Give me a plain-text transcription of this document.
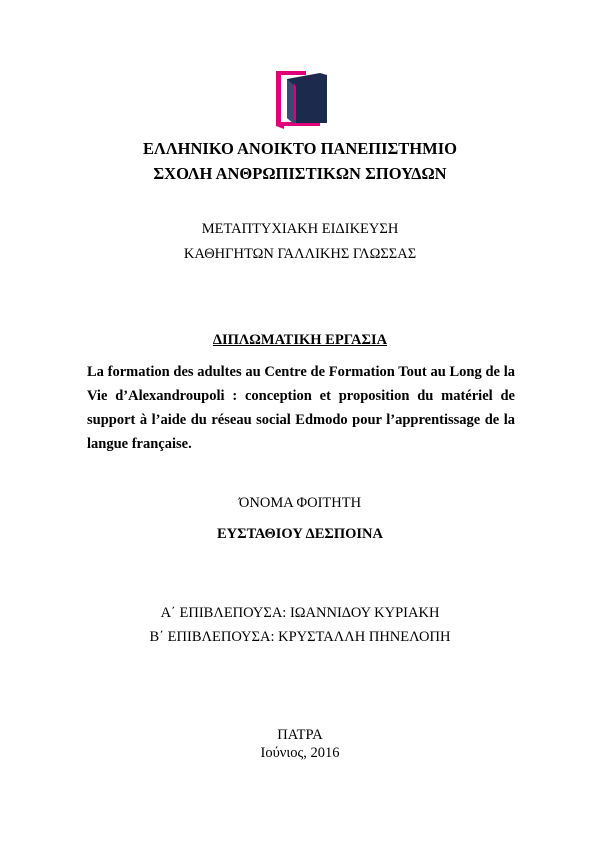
ΕΛΛΗΝΙΚΟ ΑΝΟΙΚΤΟ ΠΑΝΕΠΙΣΤΗΜΙΟ
ΣΧΟΛΗ ΑΝΘΡΩΠΙΣΤΙΚΩΝ ΣΠΟΥΔΩΝ
ΜΕΤΑΠΤΥΧΙΑΚΗ ΕΙΔΙΚΕΥΣΗ
ΚΑΘΗΓΗΤΩΝ ΓΑΛΛΙΚΗΣ ΓΛΩΣΣΑΣ
ΔΙΠΛΩΜΑΤΙΚΗ ΕΡΓΑΣΙΑ

La formation des adultes au Centre de Formation Tout au Long de la Vie d’Alexandroupoli : conception et proposition du matériel de support à l’aide du réseau social Edmodo pour l’apprentissage de la langue française.

ΌΝΟΜΑ ΦΟΙΤΗΤΗ
ΕΥΣΤΑΘΙΟΥ ΔΕΣΠΟΙΝΑ
Α΄ ΕΠΙΒΛΕΠΟΥΣΑ: ΙΩΑΝΝΙΔΟΥ ΚΥΡΙΑΚΗ
Β΄ ΕΠΙΒΛΕΠΟΥΣΑ: ΚΡΥΣΤΑΛΛΗ ΠΗΝΕΛΟΠΗ
ΠΑΤΡΑ
Ιούνιος, 2016
